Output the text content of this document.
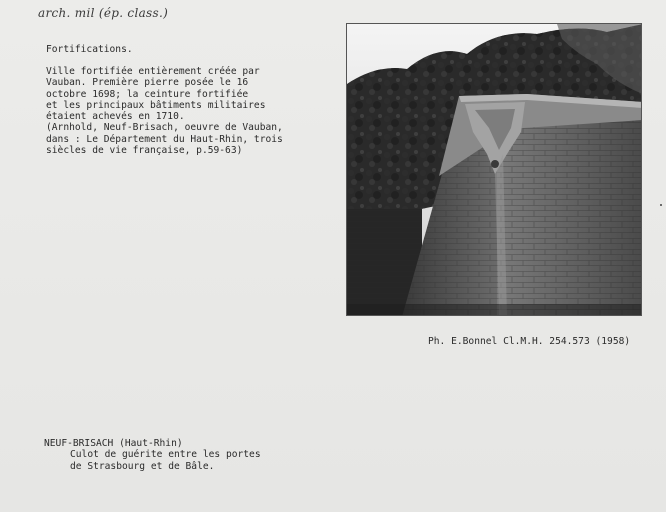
arch. mil (ép. class.)
Fortifications.
Ville fortifiée entièrement créée par
Vauban. Première pierre posée le 16
octobre 1698; la ceinture fortifiée
et les principaux bâtiments militaires
étaient achevés en 1710.
(Arnhold, Neuf-Brisach, oeuvre de Vauban,
dans : Le Département du Haut-Rhin, trois
siècles de vie française, p.59-63)
Ph. E.Bonnel Cl.M.H. 254.573 (1958)
NEUF-BRISACH (Haut-Rhin)
Culot de guérite entre les portes
de Strasbourg et de Bâle.
